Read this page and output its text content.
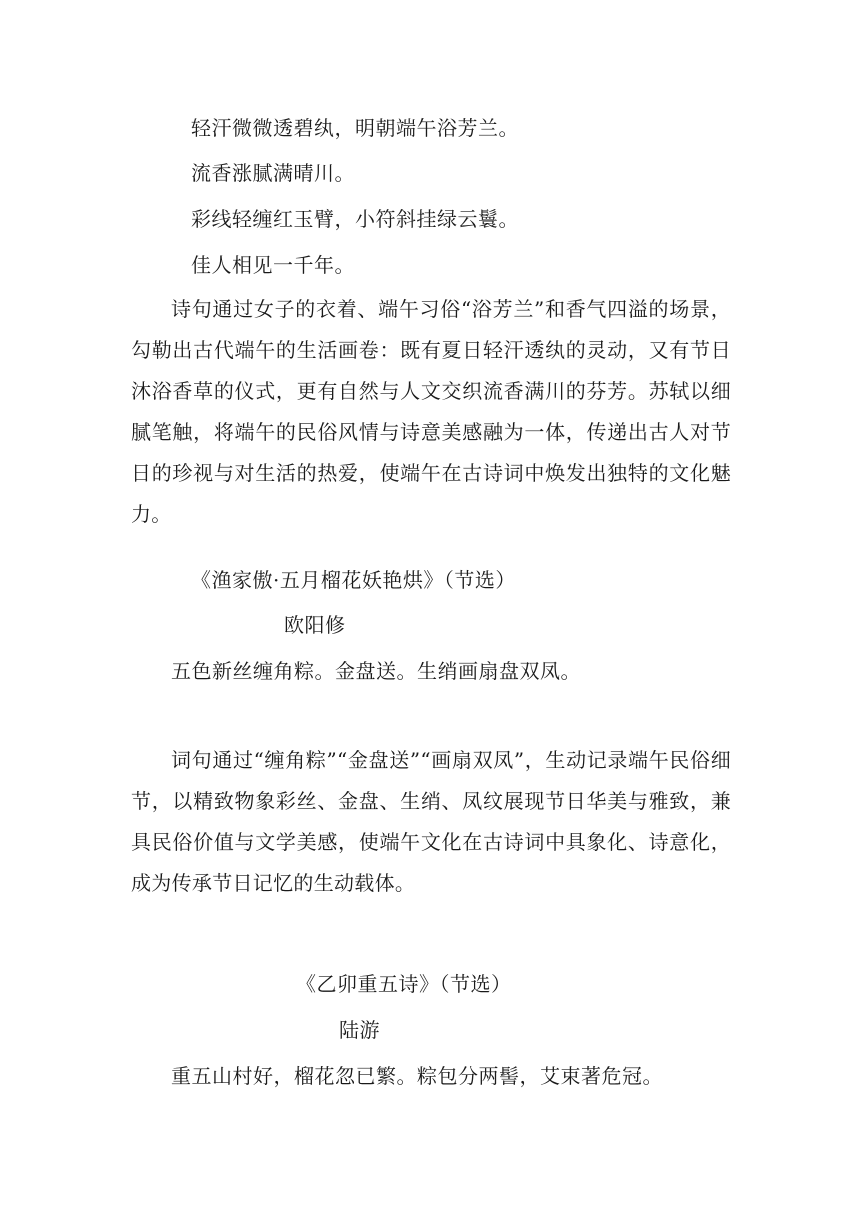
轻汗微微透碧纨，明朝端午浴芳兰。
流香涨腻满晴川。
彩线轻缠红玉臂，小符斜挂绿云鬟。
佳人相见一千年。
诗句通过女子的衣着、端午习俗“浴芳兰”和香气四溢的场景，勾勒出古代端午的生活画卷：既有夏日轻汗透纨的灵动，又有节日沐浴香草的仪式，更有自然与人文交织流香满川的芬芳。苏轼以细腻笔触，将端午的民俗风情与诗意美感融为一体，传递出古人对节日的珍视与对生活的热爱，使端午在古诗词中焕发出独特的文化魅力。
《渔家傲·五月榴花妖艳烘》（节选）
欧阳修
五色新丝缠角粽。金盘送。生绡画扇盘双凤。
词句通过“缠角粽”“金盘送”“画扇双凤”，生动记录端午民俗细节，以精致物象彩丝、金盘、生绡、凤纹展现节日华美与雅致，兼具民俗价值与文学美感，使端午文化在古诗词中具象化、诗意化，成为传承节日记忆的生动载体。
《乙卯重五诗》（节选）
陆游
重五山村好，榴花忽已繁。粽包分两髻，艾束著危冠。
